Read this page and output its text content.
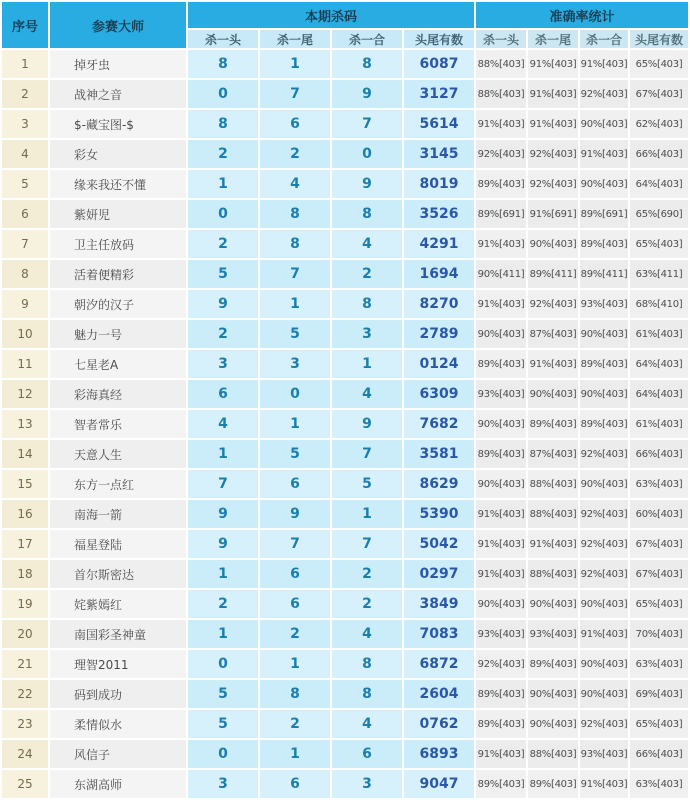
序号	参赛大师	本期杀码				准确率统计			
		杀一头	杀一尾	杀一合	头尾有数	杀一头	杀一尾	杀一合	头尾有数
1	掉牙虫	8	1	8	6087	88%[403]	91%[403]	91%[403]	65%[403]
2	战神之音	0	7	9	3127	88%[403]	91%[403]	92%[403]	67%[403]
3	$-藏宝图-$	8	6	7	5614	91%[403]	91%[403]	90%[403]	62%[403]
4	彩女	2	2	0	3145	92%[403]	92%[403]	91%[403]	66%[403]
5	缘来我还不懂	1	4	9	8019	89%[403]	92%[403]	90%[403]	64%[403]
6	紫妍児	0	8	8	3526	89%[691]	91%[691]	89%[691]	65%[690]
7	卫主任放码	2	8	4	4291	91%[403]	90%[403]	89%[403]	65%[403]
8	活着便精彩	5	7	2	1694	90%[411]	89%[411]	89%[411]	63%[411]
9	朝汐的汉子	9	1	8	8270	91%[403]	92%[403]	93%[403]	68%[410]
10	魅力一号	2	5	3	2789	90%[403]	87%[403]	90%[403]	61%[403]
11	七星老A	3	3	1	0124	89%[403]	91%[403]	89%[403]	64%[403]
12	彩海真经	6	0	4	6309	93%[403]	90%[403]	90%[403]	64%[403]
13	智者常乐	4	1	9	7682	90%[403]	89%[403]	89%[403]	61%[403]
14	天意人生	1	5	7	3581	89%[403]	87%[403]	92%[403]	66%[403]
15	东方一点红	7	6	5	8629	90%[403]	88%[403]	90%[403]	63%[403]
16	南海一箭	9	9	1	5390	91%[403]	88%[403]	92%[403]	60%[403]
17	福星登陆	9	7	7	5042	91%[403]	91%[403]	92%[403]	67%[403]
18	首尔斯密达	1	6	2	0297	91%[403]	88%[403]	92%[403]	67%[403]
19	姹紫嫣红	2	6	2	3849	90%[403]	90%[403]	90%[403]	65%[403]
20	南国彩圣神童	1	2	4	7083	93%[403]	93%[403]	91%[403]	70%[403]
21	理智2011	0	1	8	6872	92%[403]	89%[403]	90%[403]	63%[403]
22	码到成功	5	8	8	2604	89%[403]	90%[403]	90%[403]	69%[403]
23	柔情似水	5	2	4	0762	89%[403]	90%[403]	92%[403]	65%[403]
24	风信子	0	1	6	6893	91%[403]	88%[403]	93%[403]	66%[403]
25	东湖高师	3	6	3	9047	89%[403]	89%[403]	91%[403]	63%[403]
